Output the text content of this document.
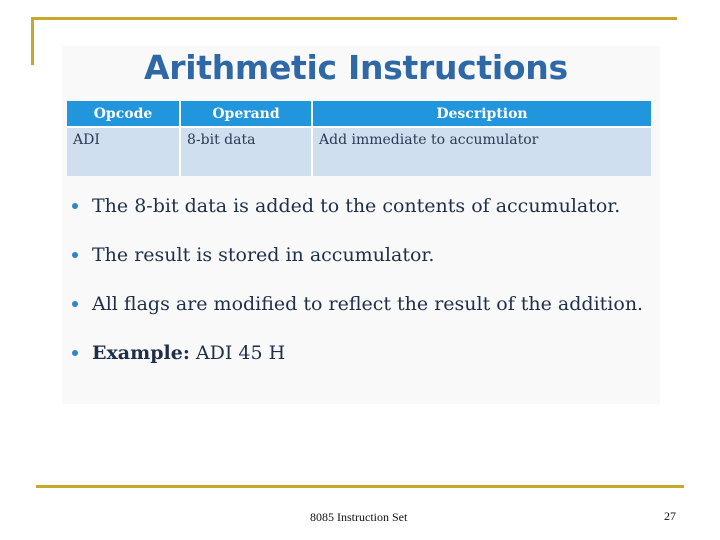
Arithmetic Instructions
Opcode	Operand	Description
ADI	8-bit data	Add immediate to accumulator
The 8-bit data is added to the contents of accumulator.
The result is stored in accumulator.
All flags are modified to reflect the result of the addition.
Example: ADI 45 H
8085 Instruction Set	27
